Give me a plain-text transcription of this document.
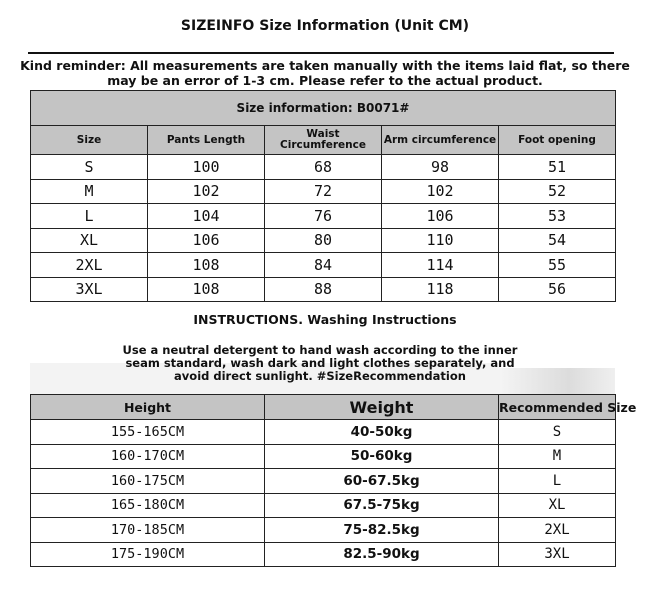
SIZEINFO Size Information (Unit CM)
Kind reminder: All measurements are taken manually with the items laid flat, so there may be an error of 1-3 cm. Please refer to the actual product.
Size information: B0071#				
Size	Pants Length	Waist Circumference	Arm circumference	Foot opening
S	100	68	98	51
M	102	72	102	52
L	104	76	106	53
XL	106	80	110	54
2XL	108	84	114	55
3XL	108	88	118	56
INSTRUCTIONS. Washing Instructions
Use a neutral detergent to hand wash according to the inner seam standard, wash dark and light clothes separately, and avoid direct sunlight. #SizeRecommendation
Height	Weight	Recommended Size
155-165CM	40-50kg	S
160-170CM	50-60kg	M
160-175CM	60-67.5kg	L
165-180CM	67.5-75kg	XL
170-185CM	75-82.5kg	2XL
175-190CM	82.5-90kg	3XL
